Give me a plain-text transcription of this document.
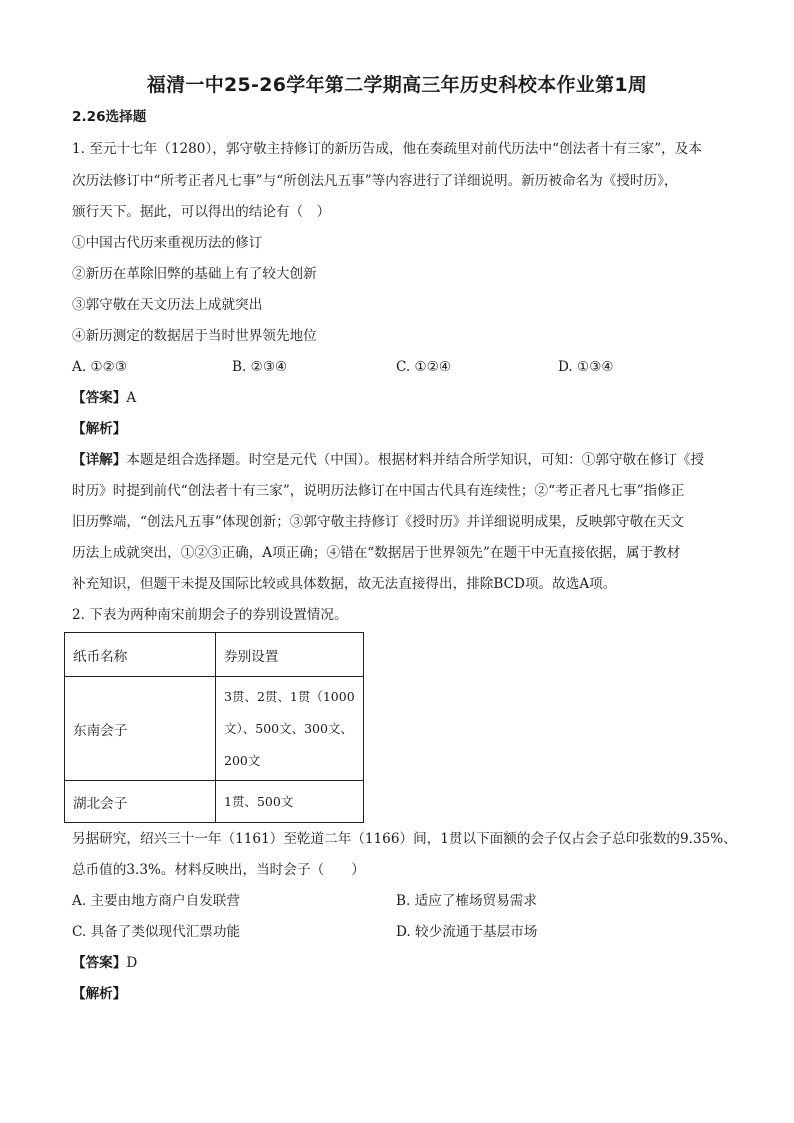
福清一中25-26学年第二学期高三年历史科校本作业第1周
2.26选择题
1. 至元十七年（1280），郭守敬主持修订的新历告成，他在奏疏里对前代历法中“创法者十有三家”，及本
次历法修订中“所考正者凡七事”与“所创法凡五事”等内容进行了详细说明。新历被命名为《授时历》，
颁行天下。据此，可以得出的结论有（　）
①中国古代历来重视历法的修订
②新历在革除旧弊的基础上有了较大创新
③郭守敬在天文历法上成就突出
④新历测定的数据居于当时世界领先地位
A. ①②③	B. ②③④	C. ①②④	D. ①③④
【答案】A
【解析】
【详解】本题是组合选择题。时空是元代（中国）。根据材料并结合所学知识，可知：①郭守敬在修订《授
时历》时提到前代“创法者十有三家”，说明历法修订在中国古代具有连续性；②“考正者凡七事”指修正
旧历弊端，“创法凡五事”体现创新；③郭守敬主持修订《授时历》并详细说明成果，反映郭守敬在天文
历法上成就突出，①②③正确，A项正确；④错在“数据居于世界领先”在题干中无直接依据，属于教材
补充知识，但题干未提及国际比较或具体数据，故无法直接得出，排除BCD项。故选A项。
2. 下表为两种南宋前期会子的券别设置情况。
纸币名称	券别设置
东南会子	3贯、2贯、1贯（1000
文）、500文、300文、
200文

湖北会子	1贯、500文
另据研究，绍兴三十一年（1161）至乾道二年（1166）间，1贯以下面额的会子仅占会子总印张数的9.35%、
总币值的3.3%。材料反映出，当时会子（　　）
A. 主要由地方商户自发联营	B. 适应了榷场贸易需求
C. 具备了类似现代汇票功能	D. 较少流通于基层市场
【答案】D
【解析】
